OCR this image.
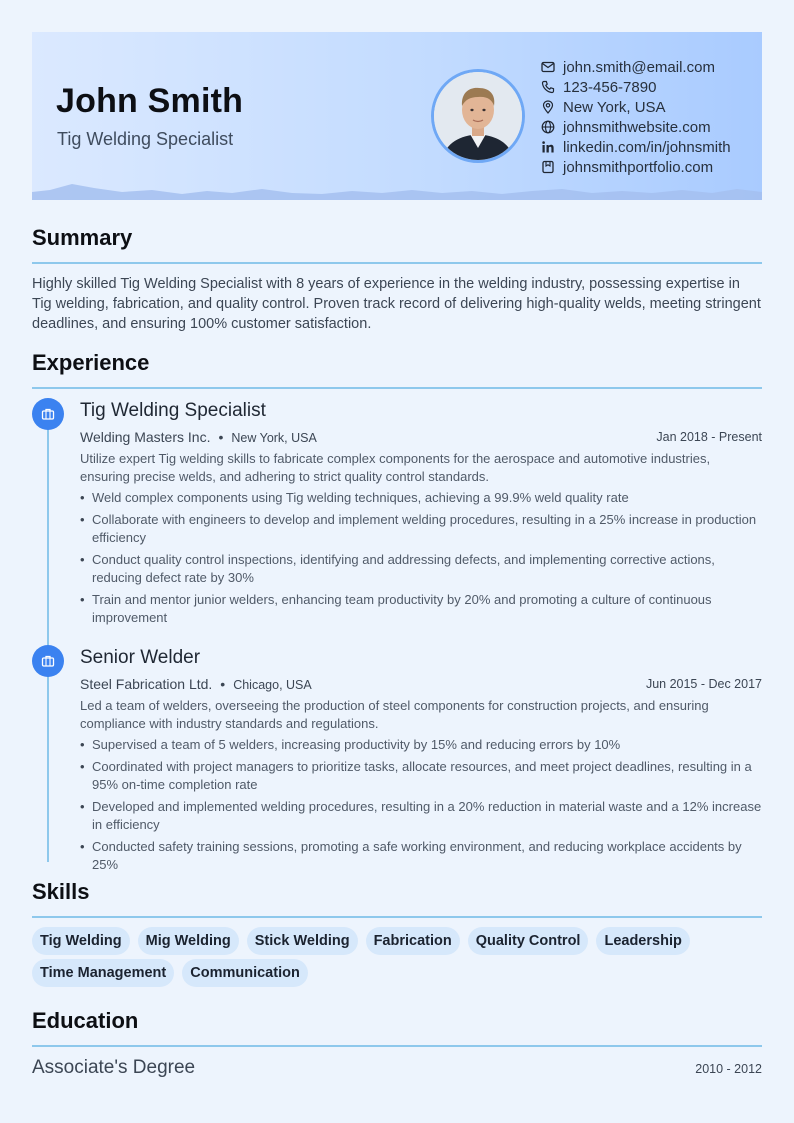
John Smith
Tig Welding Specialist
john.smith@email.com
123-456-7890
New York, USA
johnsmithwebsite.com
linkedin.com/in/johnsmith
johnsmithportfolio.com
Summary
Highly skilled Tig Welding Specialist with 8 years of experience in the welding industry, possessing expertise in Tig welding, fabrication, and quality control. Proven track record of delivering high-quality welds, meeting stringent deadlines, and ensuring 100% customer satisfaction.
Experience
Tig Welding Specialist
Welding Masters Inc. • New York, USA	Jan 2018 - Present
Utilize expert Tig welding skills to fabricate complex components for the aerospace and automotive industries, ensuring precise welds, and adhering to strict quality control standards.
• Weld complex components using Tig welding techniques, achieving a 99.9% weld quality rate
• Collaborate with engineers to develop and implement welding procedures, resulting in a 25% increase in production efficiency
• Conduct quality control inspections, identifying and addressing defects, and implementing corrective actions, reducing defect rate by 30%
• Train and mentor junior welders, enhancing team productivity by 20% and promoting a culture of continuous improvement
Senior Welder
Steel Fabrication Ltd. • Chicago, USA	Jun 2015 - Dec 2017
Led a team of welders, overseeing the production of steel components for construction projects, and ensuring compliance with industry standards and regulations.
• Supervised a team of 5 welders, increasing productivity by 15% and reducing errors by 10%
• Coordinated with project managers to prioritize tasks, allocate resources, and meet project deadlines, resulting in a 95% on-time completion rate
• Developed and implemented welding procedures, resulting in a 20% reduction in material waste and a 12% increase in efficiency
• Conducted safety training sessions, promoting a safe working environment, and reducing workplace accidents by 25%
Skills
Tig Welding	Mig Welding	Stick Welding	Fabrication	Quality Control	Leadership
Time Management	Communication
Education
Associate's Degree	2010 - 2012
